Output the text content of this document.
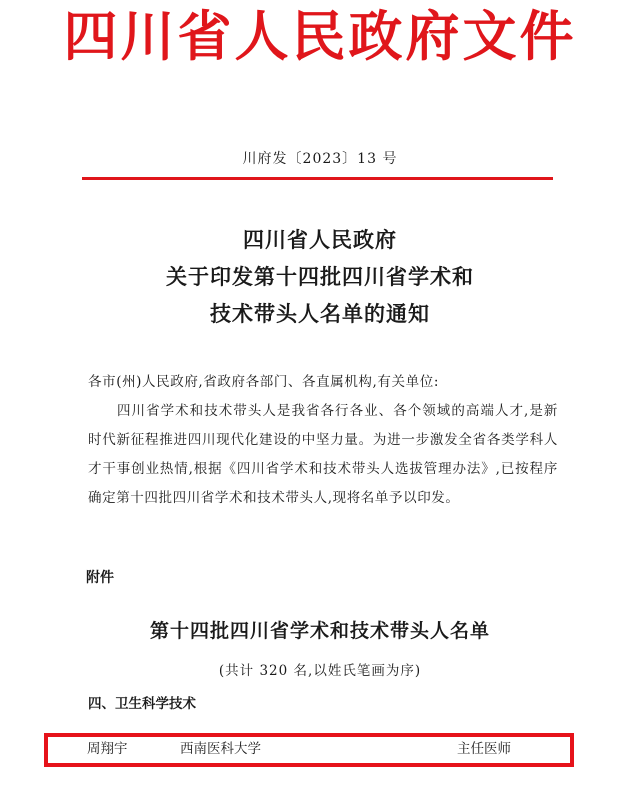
四川省人民政府文件
川府发〔2023〕13 号
四川省人民政府
关于印发第十四批四川省学术和
技术带头人名单的通知
各市(州)人民政府,省政府各部门、各直属机构,有关单位:
四川省学术和技术带头人是我省各行各业、各个领域的高端人才,是新时代新征程推进四川现代化建设的中坚力量。为进一步激发全省各类学科人才干事创业热情,根据《四川省学术和技术带头人选拔管理办法》,已按程序确定第十四批四川省学术和技术带头人,现将名单予以印发。
附件
第十四批四川省学术和技术带头人名单
(共计 320 名,以姓氏笔画为序)
四、卫生科学技术
周翔宇	西南医科大学	主任医师
